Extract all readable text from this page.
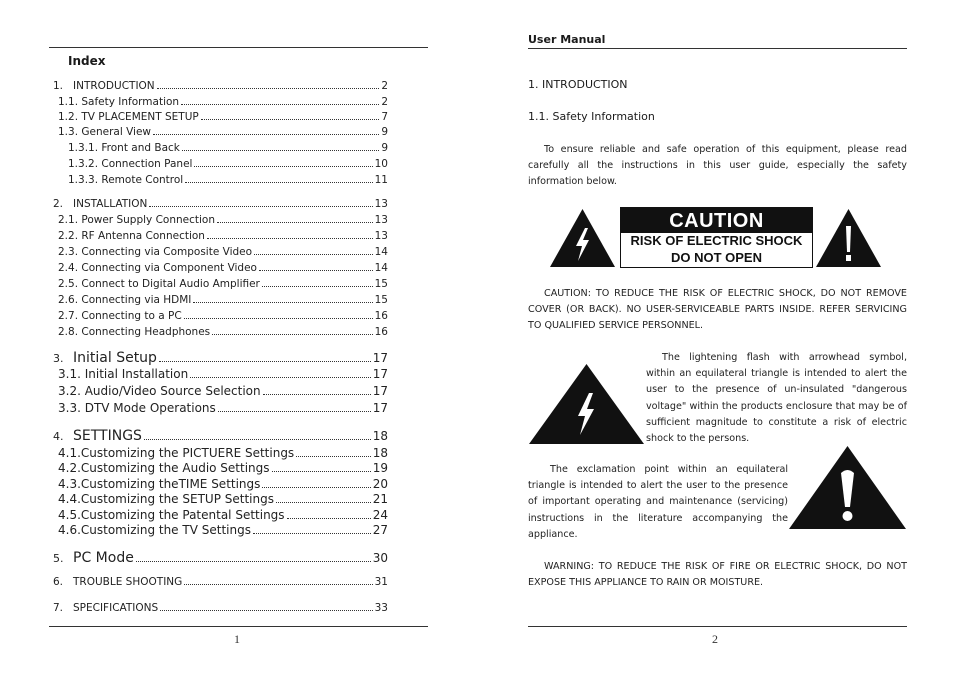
Index
1. INTRODUCTION	2
1.1. Safety Information	2
1.2. TV PLACEMENT SETUP	7
1.3. General View	9
1.3.1. Front and Back	9
1.3.2. Connection Panel	10
1.3.3. Remote Control	11
2. INSTALLATION	13
2.1. Power Supply Connection	13
2.2. RF Antenna Connection	13
2.3. Connecting via Composite Video	14
2.4. Connecting via Component Video	14
2.5. Connect to Digital Audio Amplifier	15
2.6. Connecting via HDMI	15
2.7. Connecting to a PC	16
2.8. Connecting Headphones	16
3. Initial Setup	17
3.1. Initial Installation	17
3.2. Audio/Video Source Selection	17
3.3. DTV Mode Operations	17
4. SETTINGS	18
4.1.Customizing the PICTUERE Settings	18
4.2.Customizing the Audio Settings	19
4.3.Customizing theTIME Settings	20
4.4.Customizing the SETUP Settings	21
4.5.Customizing the Patental Settings	24
4.6.Customizing the TV Settings	27
5. PC Mode	30
6. TROUBLE SHOOTING	31
7. SPECIFICATIONS	33
1
User Manual
1. INTRODUCTION
1.1. Safety Information
To ensure reliable and safe operation of this equipment, please read carefully all the instructions in this user guide, especially the safety information below.
CAUTION
RISK OF ELECTRIC SHOCK
DO NOT OPEN
CAUTION: TO REDUCE THE RISK OF ELECTRIC SHOCK, DO NOT REMOVE COVER (OR BACK). NO USER-SERVICEABLE PARTS INSIDE. REFER SERVICING TO QUALIFIED SERVICE PERSONNEL.
The lightening flash with arrowhead symbol, within an equilateral triangle is intended to alert the user to the presence of un-insulated "dangerous voltage" within the products enclosure that may be of sufficient magnitude to constitute a risk of electric shock to the persons.
The exclamation point within an equilateral triangle is intended to alert the user to the presence of important operating and maintenance (servicing) instructions in the literature accompanying the appliance.
WARNING: TO REDUCE THE RISK OF FIRE OR ELECTRIC SHOCK, DO NOT EXPOSE THIS APPLIANCE TO RAIN OR MOISTURE.
2
